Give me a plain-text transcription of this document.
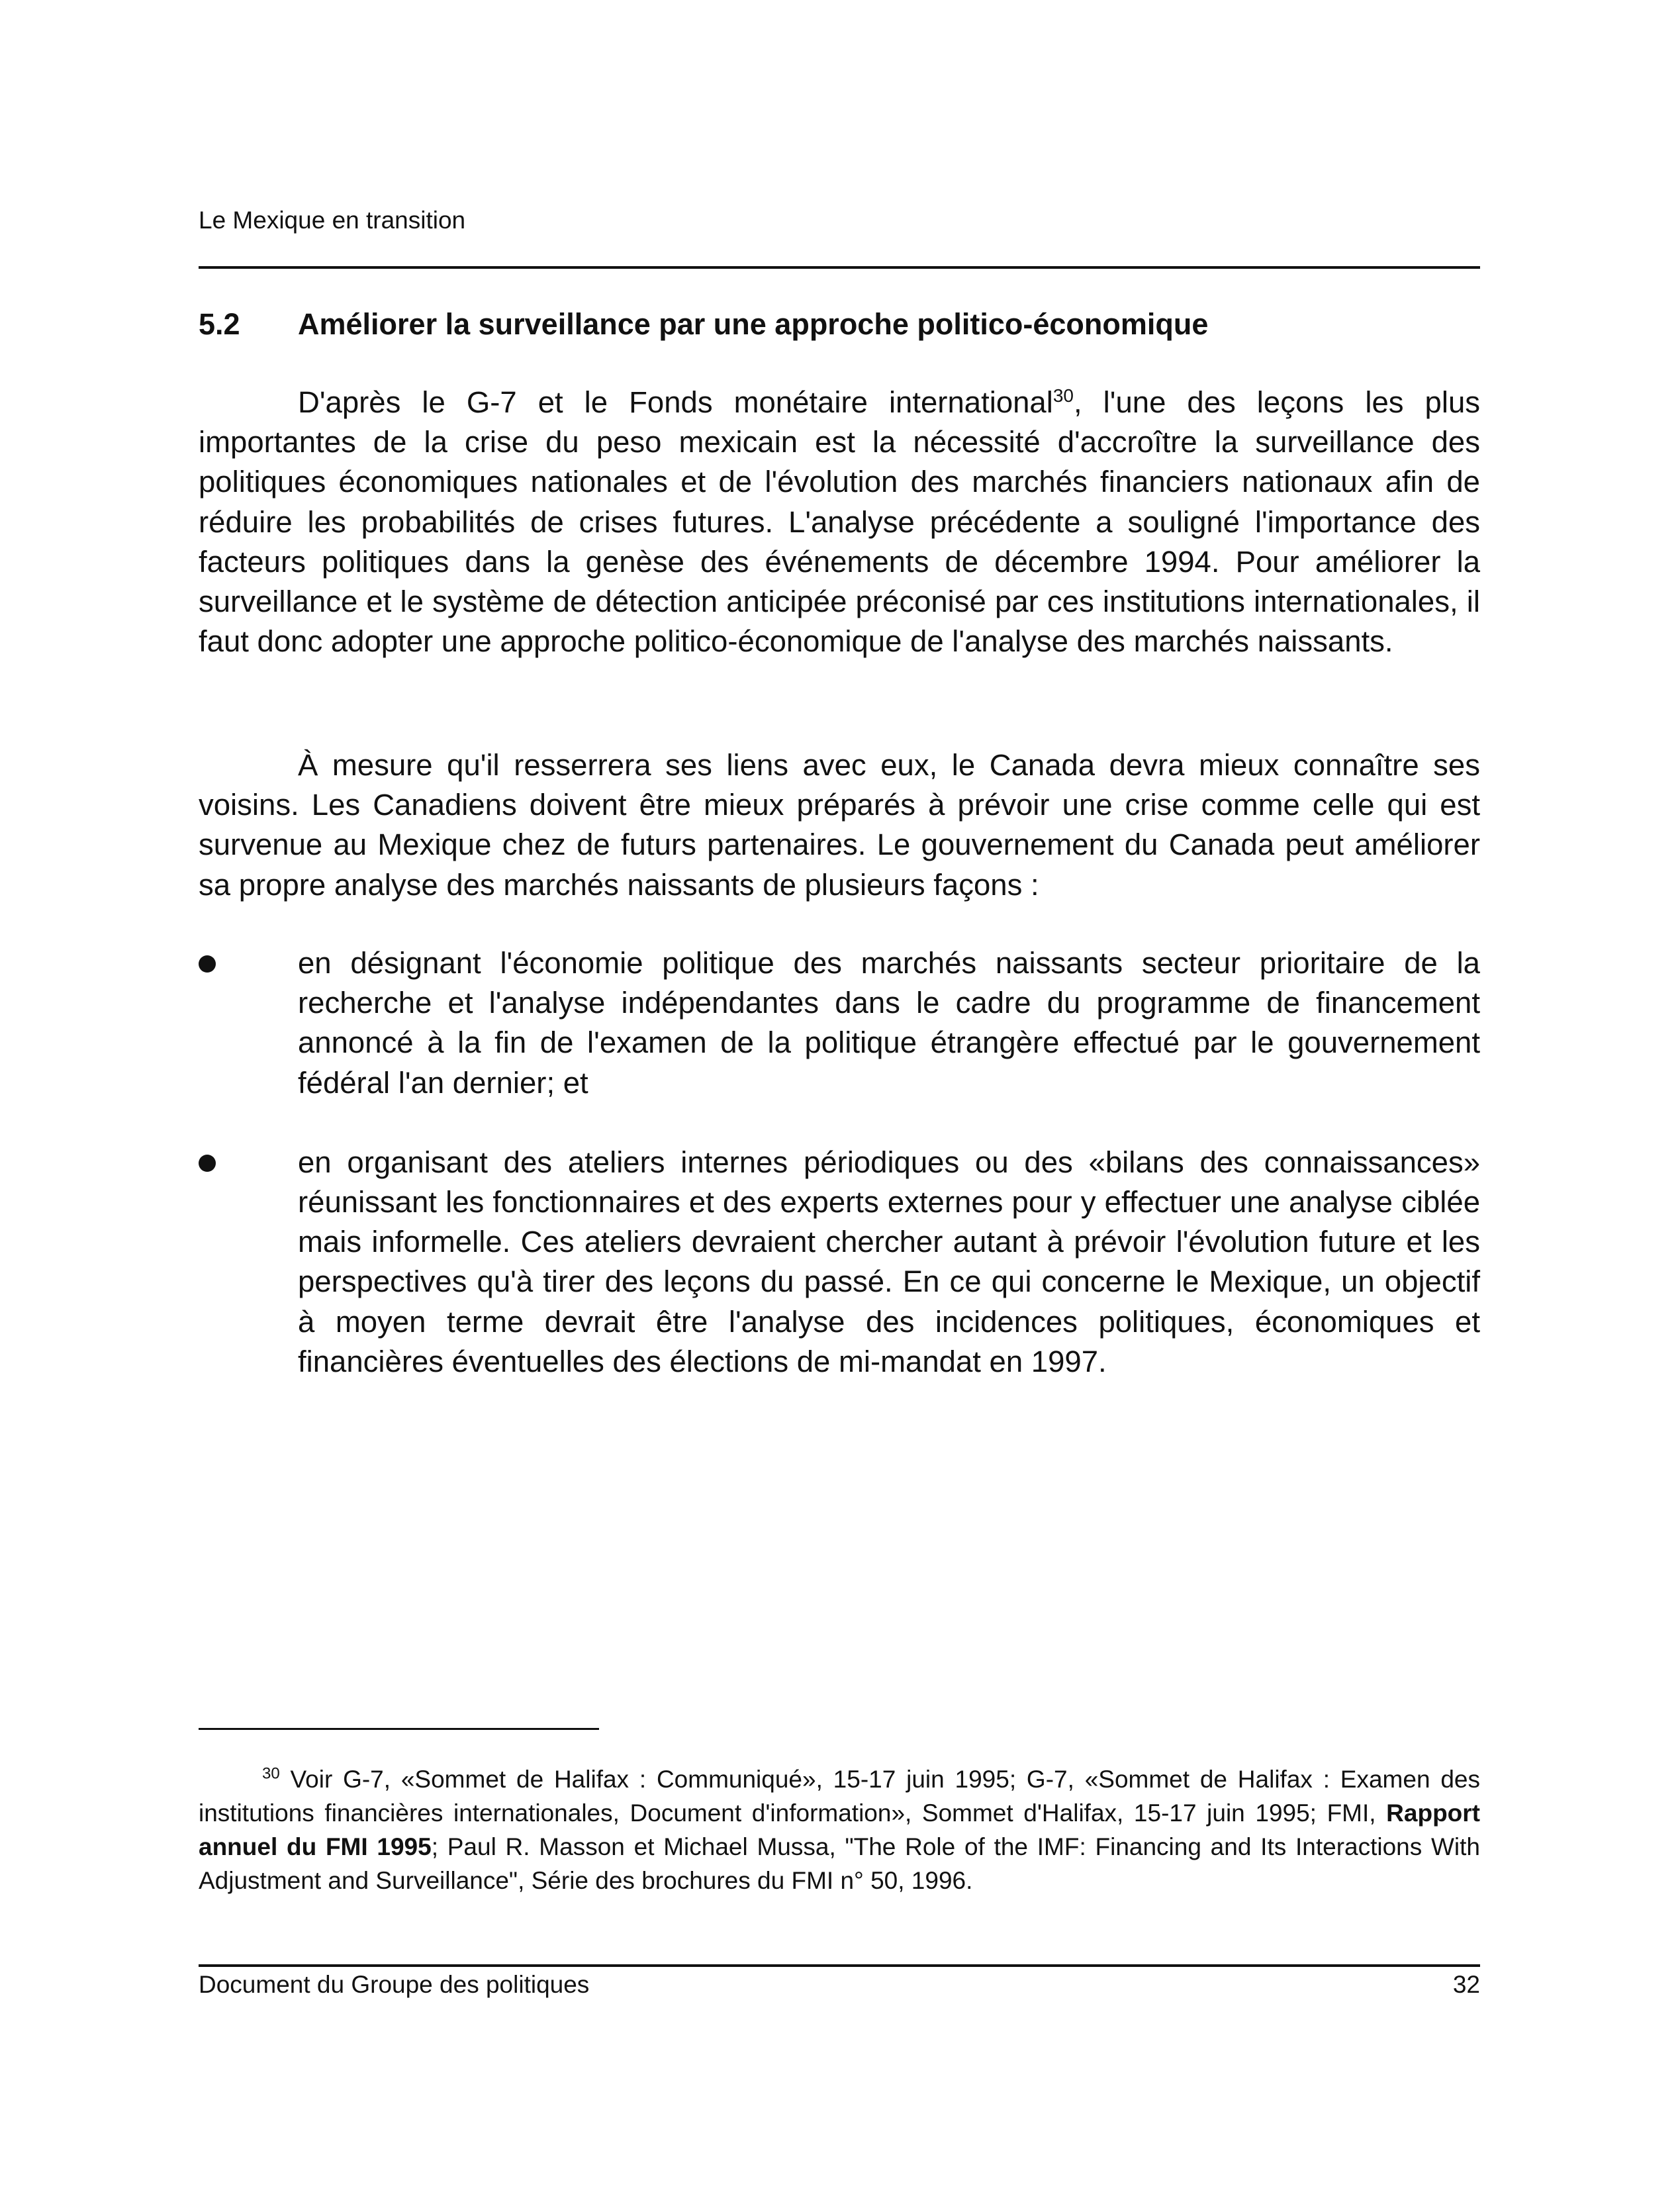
Le Mexique en transition
5.2 Améliorer la surveillance par une approche politico-économique

D'après le G-7 et le Fonds monétaire international$^{30}$, l'une des leçons les plus importantes de la crise du peso mexicain est la nécessité d'accroître la surveillance des politiques économiques nationales et de l'évolution des marchés financiers nationaux afin de réduire les probabilités de crises futures. L'analyse précédente a souligné l'importance des facteurs politiques dans la genèse des événements de décembre 1994. Pour améliorer la surveillance et le système de détection anticipée préconisé par ces institutions internationales, il faut donc adopter une approche politico-économique de l'analyse des marchés naissants.

À mesure qu'il resserrera ses liens avec eux, le Canada devra mieux connaître ses voisins. Les Canadiens doivent être mieux préparés à prévoir une crise comme celle qui est survenue au Mexique chez de futurs partenaires. Le gouvernement du Canada peut améliorer sa propre analyse des marchés naissants de plusieurs façons :

en désignant l'économie politique des marchés naissants secteur prioritaire de la recherche et l'analyse indépendantes dans le cadre du programme de financement annoncé à la fin de l'examen de la politique étrangère effectué par le gouvernement fédéral l'an dernier; et
en organisant des ateliers internes périodiques ou des «bilans des connaissances» réunissant les fonctionnaires et des experts externes pour y effectuer une analyse ciblée mais informelle. Ces ateliers devraient chercher autant à prévoir l'évolution future et les perspectives qu'à tirer des leçons du passé. En ce qui concerne le Mexique, un objectif à moyen terme devrait être l'analyse des incidences politiques, économiques et financières éventuelles des élections de mi-mandat en 1997.

$^{30}$ Voir G-7, «Sommet de Halifax : Communiqué», 15-17 juin 1995; G-7, «Sommet de Halifax : Examen des institutions financières internationales, Document d'information», Sommet d'Halifax, 15-17 juin 1995; FMI, Rapport annuel du FMI 1995; Paul R. Masson et Michael Mussa, "The Role of the IMF: Financing and Its Interactions With Adjustment and Surveillance", Série des brochures du FMI n° 50, 1996.

Document du Groupe des politiques	32
